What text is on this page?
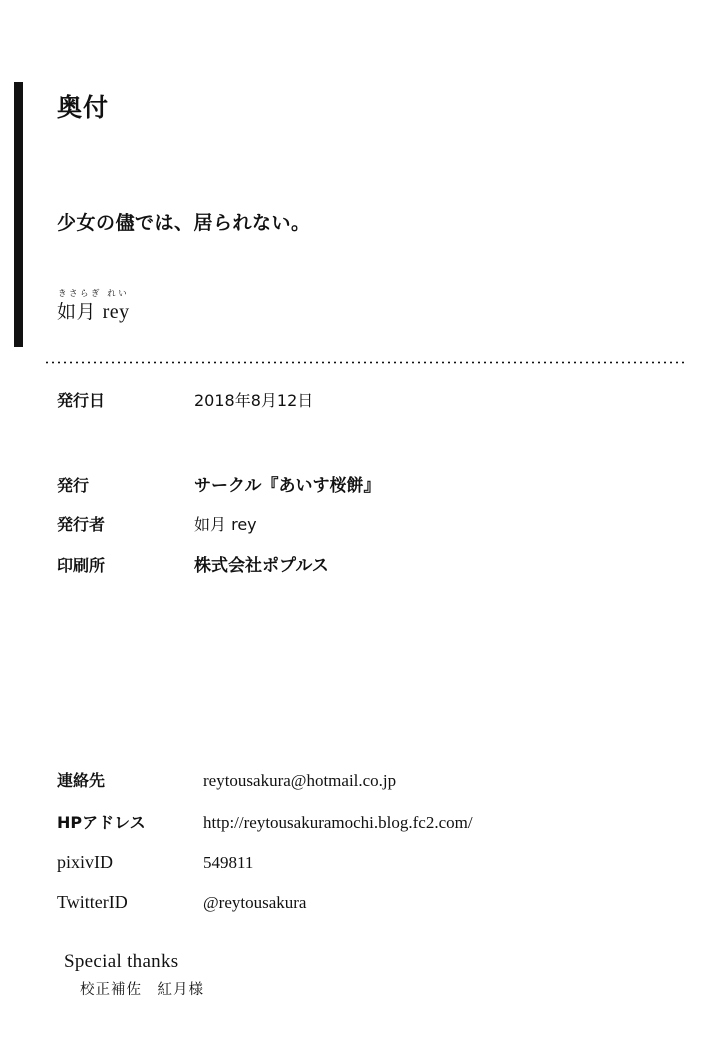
奥付
少女の儘では、居られない。
きさらぎ れい
如月 rey
発行日	2018年8月12日
発行	サークル『あいす桜餅』
発行者	如月 rey
印刷所	株式会社ポプルス
連絡先	reytousakura@hotmail.co.jp
HPアドレス	http://reytousakuramochi.blog.fc2.com/
pixivID	549811
TwitterID	@reytousakura
Special thanks
校正補佐　紅月様
